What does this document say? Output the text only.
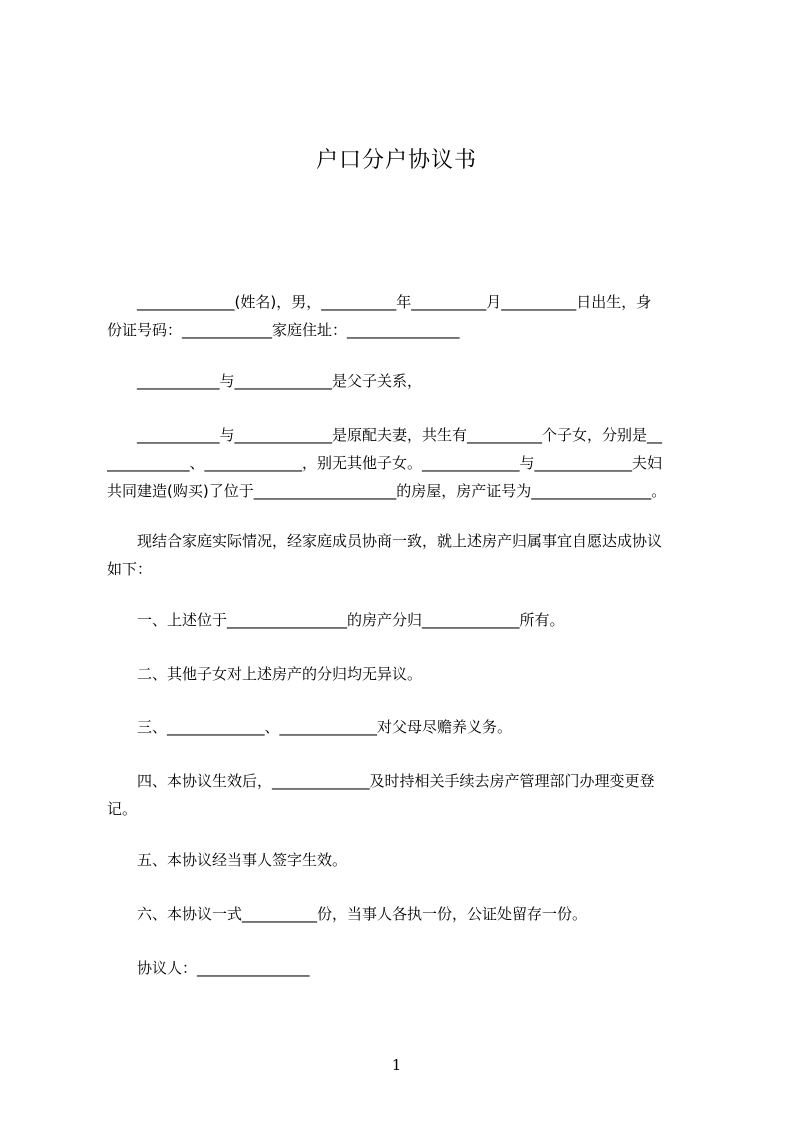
户口分户协议书
_____________(姓名)，男，__________年__________月__________日出生，身
份证号码：____________家庭住址：_______________
___________与_____________是父子关系，
___________与_____________是原配夫妻，共生有__________个子女，分别是__
___________、_____________，别无其他子女。_____________与_____________夫妇
共同建造(购买)了位于___________________的房屋，房产证号为________________。
现结合家庭实际情况，经家庭成员协商一致，就上述房产归属事宜自愿达成协议
如下：
一、上述位于________________的房产分归_____________所有。
二、其他子女对上述房产的分归均无异议。
三、_____________、_____________对父母尽赡养义务。
四、本协议生效后，_____________及时持相关手续去房产管理部门办理变更登
记。
五、本协议经当事人签字生效。
六、本协议一式__________份，当事人各执一份，公证处留存一份。
协议人：_______________
1
